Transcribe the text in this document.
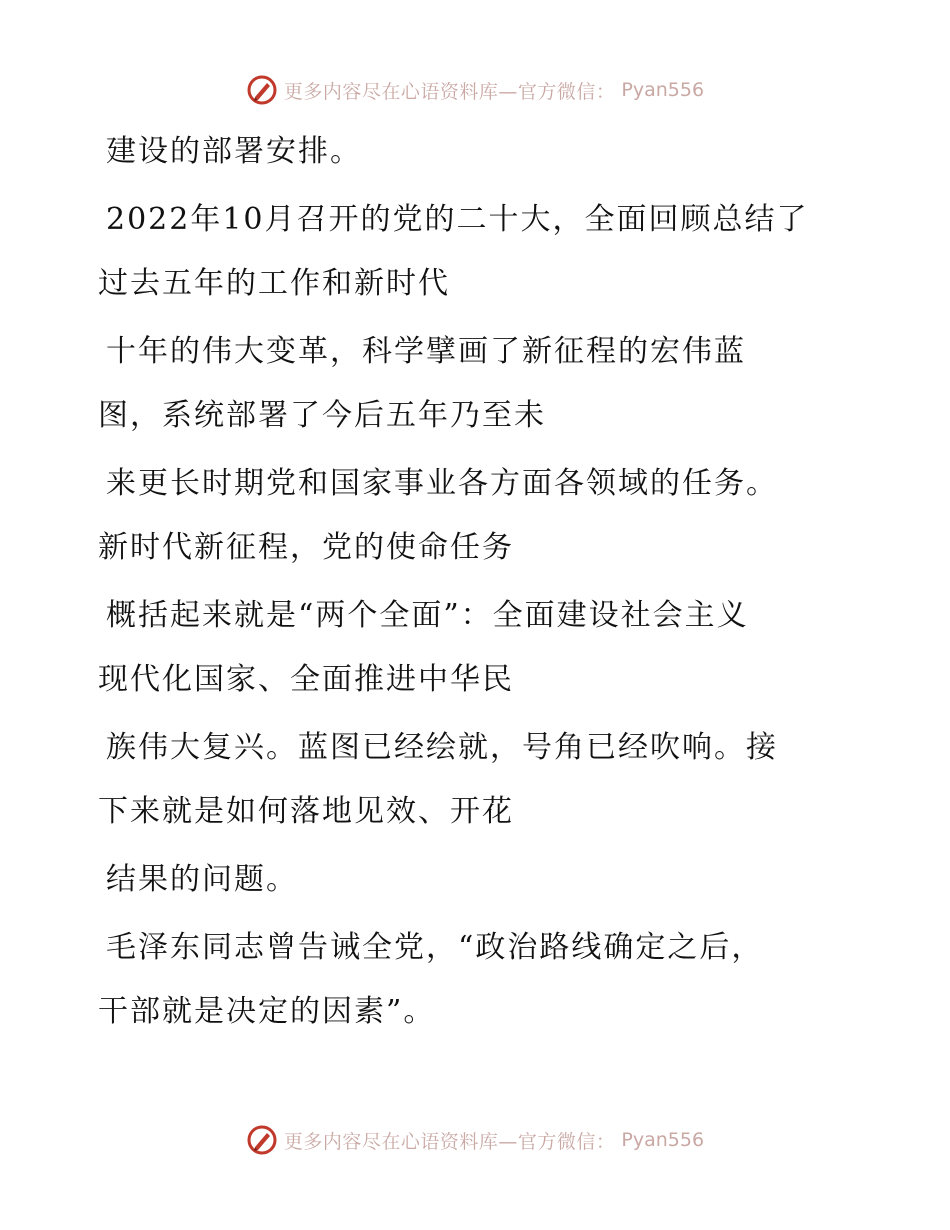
更多内容尽在心语资料库—官方微信： Pyan556

建设的部署安排。

2022年10月召开的党的二十大，全面回顾总结了
过去五年的工作和新时代

十年的伟大变革，科学擘画了新征程的宏伟蓝
图，系统部署了今后五年乃至未

来更长时期党和国家事业各方面各领域的任务。
新时代新征程，党的使命任务

概括起来就是“两个全面”：全面建设社会主义
现代化国家、全面推进中华民

族伟大复兴。蓝图已经绘就，号角已经吹响。接
下来就是如何落地见效、开花

结果的问题。

毛泽东同志曾告诫全党，“政治路线确定之后，
干部就是决定的因素”。

更多内容尽在心语资料库—官方微信： Pyan556
